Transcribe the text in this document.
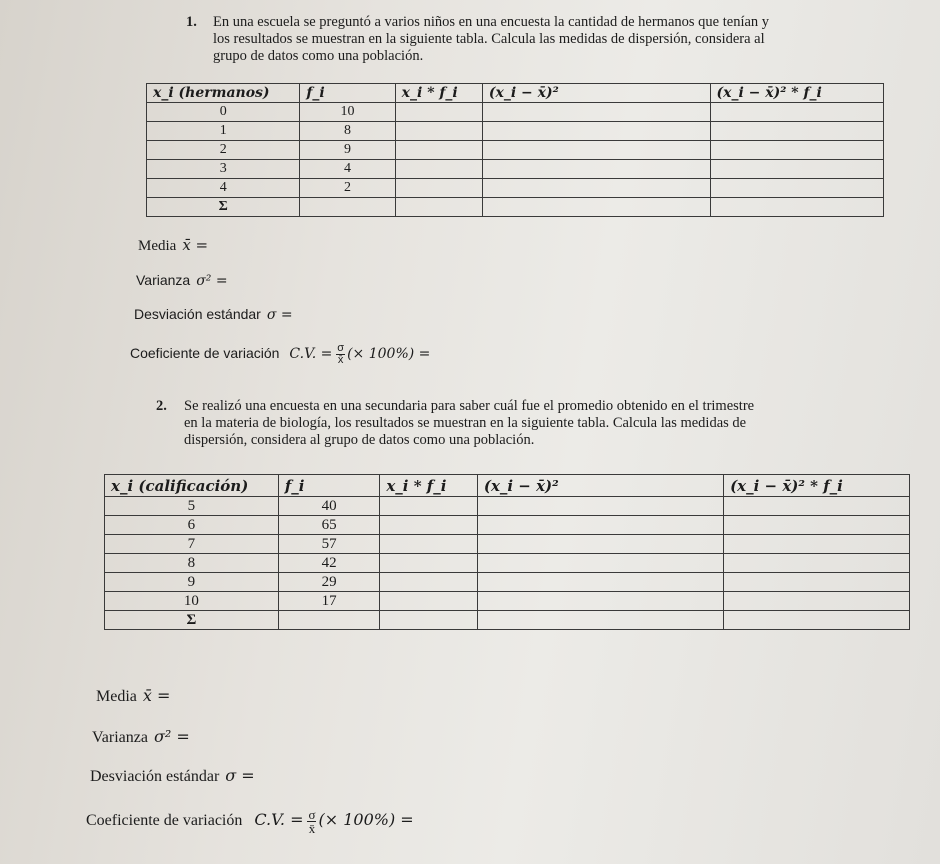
1. En una escuela se preguntó a varios niños en una encuesta la cantidad de hermanos que tenían y
los resultados se muestran en la siguiente tabla. Calcula las medidas de dispersión, considera al
grupo de datos como una población.
x_i (hermanos)	f_i	x_i * f_i	(x_i − x̄)²	(x_i − x̄)² * f_i
0	10			
1	8			
2	9			
3	4			
4	2			
Σ				
Media x̄ =
Varianza σ² =
Desviación estándar σ =
Coeficiente de variación C.V. = $\frac{\sigma}{x̄}$ (× 100%) =
2. Se realizó una encuesta en una secundaria para saber cuál fue el promedio obtenido en el trimestre
en la materia de biología, los resultados se muestran en la siguiente tabla. Calcula las medidas de
dispersión, considera al grupo de datos como una población.
x_i (calificación)	f_i	x_i * f_i	(x_i − x̄)²	(x_i − x̄)² * f_i
5	40			
6	65			
7	57			
8	42			
9	29			
10	17			
Σ				
Media x̄ =
Varianza σ² =
Desviación estándar σ =
Coeficiente de variación C.V. = $\frac{\sigma}{x̄}$ (× 100%) =
